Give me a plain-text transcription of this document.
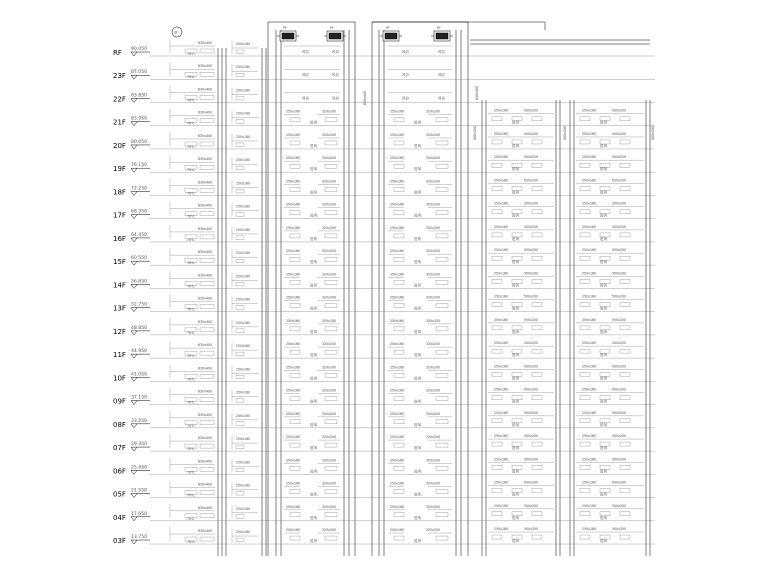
RF 90.050
23F 87.050
22F 83.850
21F 83.950
20F 80.050
19F 76.150
18F 72.250
17F 68.350
16F 64.450
15F 60.550
14F 56.650
13F 52.750
12F 48.850
11F 44.950
10F 41.050
09F 37.150
08F 33.250
07F 29.350
06F 25.450
05F 21.550
04F 17.650
03F 13.750
630x400
70℃
630x400
70℃
630x400
70℃
630x400
70℃
630x400
70℃
630x400
70℃
630x400
70℃
630x400
70℃
630x400
70℃
630x400
70℃
630x400
70℃
630x400
70℃
630x400
70℃
630x400
70℃
630x400
70℃
630x400
70℃
630x400
70℃
630x400
70℃
630x400
70℃
630x400
70℃
630x400
70℃
630x400
70℃
250x160
250x160
250x160
250x160
250x160
250x160
250x160
250x160
250x160
250x160
250x160
250x160
250x160
250x160
250x160
250x160
250x160
250x160
250x160
250x160
250x160
250x160
250x160	320x200
进风
250x160	320x200
进风
250x160	320x200
进风
250x160	320x200
进风
250x160	320x200
进风
250x160	320x200
进风
250x160	320x200
进风
250x160	320x200
进风
250x160	320x200
进风
250x160	320x200
进风
250x160	320x200
进风
250x160	320x200
进风
250x160	320x200
进风
250x160	320x200
进风
250x160	320x200
进风
250x160	320x200
进风
250x160	320x200
进风
250x160	320x200
进风
250x160	320x200
进风
250x160	320x200
进风
250x160	320x200
进风
250x160	320x200
进风
250x160	320x200
进风
250x160	320x200
进风
250x160	320x200
进风
250x160	320x200
进风
250x160	320x200
进风
250x160	320x200
进风
250x160	320x200
进风
250x160	320x200
进风
250x160	320x200
进风
250x160	320x200
进风
250x160	320x200
进风
250x160	320x200
进风
250x160	320x200
进风
250x160	320x200
进风
250x160	320x200
进风
250x160	320x200
进风
风井	风井	风井	风井
风井	风井	风井	风井
风井	风井	风井	风井
PY	PY	PY	PY
SF
250x160	500x200
进风
250x160	500x200
进风
250x160	500x200
进风
250x160	500x200
进风
250x160	500x200
进风
250x160	500x200
进风
250x160	500x200
进风
250x160	500x200
进风
250x160	500x200
进风
250x160	500x200
进风
250x160	500x200
进风
250x160	500x200
进风
250x160	500x200
进风
250x160	500x200
进风
250x160	500x200
进风
250x160	500x200
进风
250x160	500x200
进风
250x160	500x200
进风
250x160	500x200
进风
250x160	500x200
进风
250x160	500x200
进风
250x160	500x200
进风
250x160	500x200
进风
250x160	500x200
进风
250x160	500x200
进风
250x160	500x200
进风
250x160	500x200
进风
250x160	500x200
进风
250x160	500x200
进风
250x160	500x200
进风
250x160	500x200
进风
250x160	500x200
进风
250x160	500x200
进风
250x160	500x200
进风
250x160	500x200
进风
250x160	500x200
进风
250x160	500x200
进风
250x160	500x200
进风
800x500	800x500	800x500
630x400	630x400
